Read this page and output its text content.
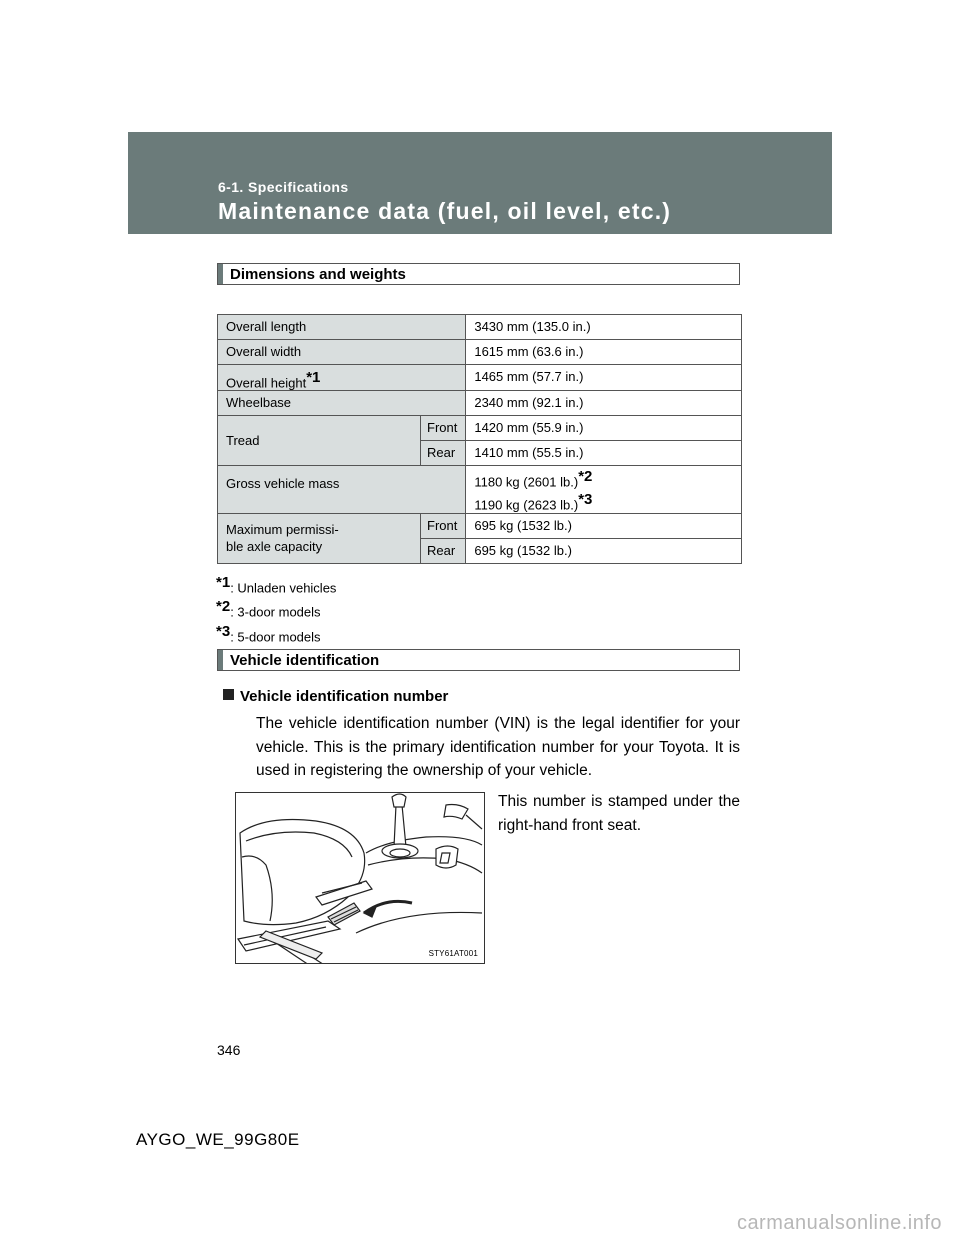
6-1. Specifications
Maintenance data (fuel, oil level, etc.)
Dimensions and weights
Overall length		3430 mm (135.0 in.)
Overall width		1615 mm (63.6 in.)
Overall height$^{*1}$		1465 mm (57.7 in.)
Wheelbase		2340 mm (92.1 in.)
Tread	Front	1420 mm (55.9 in.)
	Rear	1410 mm (55.5 in.)
Gross vehicle mass		1180 kg (2601 lb.)$^{*2}$
1190 kg (2623 lb.)$^{*3}$
Maximum permissi-
ble axle capacity	Front	695 kg (1532 lb.)
	Rear	695 kg (1532 lb.)
$^{*1}$: Unladen vehicles
$^{*2}$: 3-door models
$^{*3}$: 5-door models
Vehicle identification
Vehicle identification number
The vehicle identification number (VIN) is the legal identifier for your vehicle. This is the primary identification number for your Toyota. It is used in registering the ownership of your vehicle.
This number is stamped under the right-hand front seat.
STY61AT001
346
AYGO_WE_99G80E
carmanualsonline.info
